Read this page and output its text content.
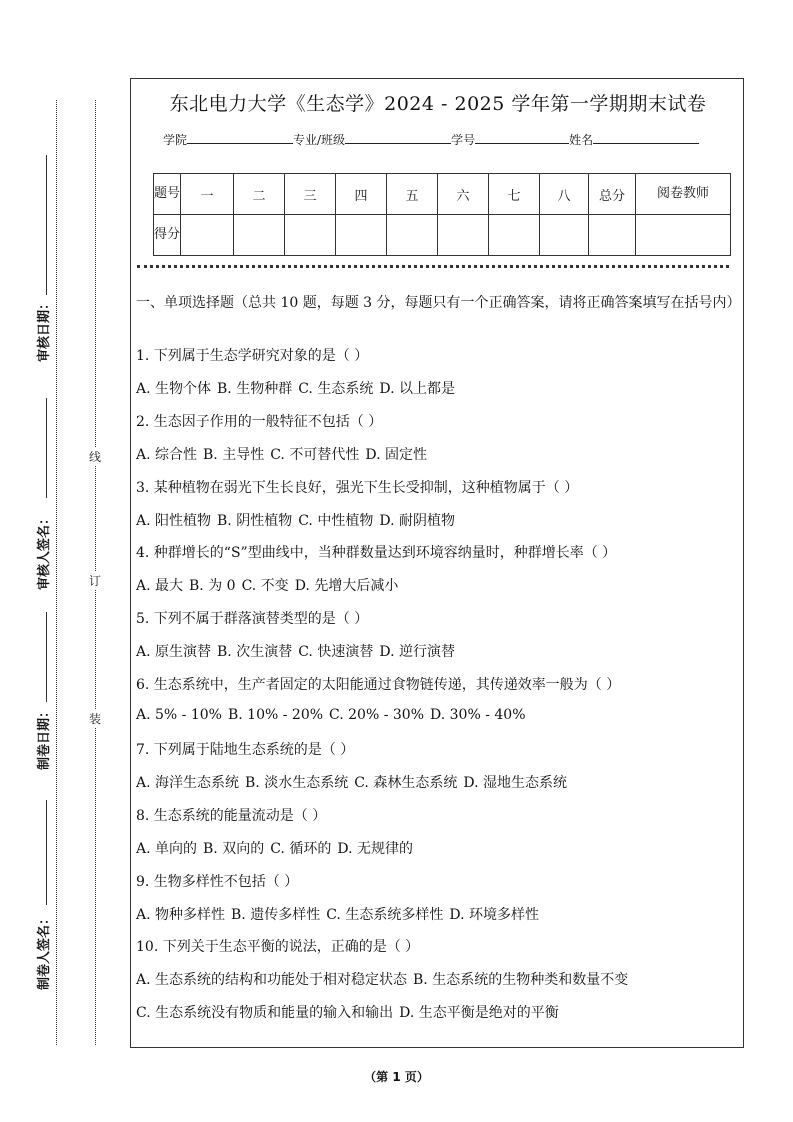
审核日期：
审核人签名：
制卷日期：
制卷人签名：
线
订
装
东北电力大学《生态学》2024 - 2025 学年第一学期期末试卷
学院	专业/班级	学号	姓名
题号	一	二	三	四	五	六	七	八	总分	阅卷教师
得分										
一、单项选择题（总共 10 题，每题 3 分，每题只有一个正确答案，请将正确答案填写在括号内）
1. 下列属于生态学研究对象的是（ ）
A. 生物个体 B. 生物种群 C. 生态系统 D. 以上都是
2. 生态因子作用的一般特征不包括（ ）
A. 综合性 B. 主导性 C. 不可替代性 D. 固定性
3. 某种植物在弱光下生长良好，强光下生长受抑制，这种植物属于（ ）
A. 阳性植物 B. 阴性植物 C. 中性植物 D. 耐阴植物
4. 种群增长的“S”型曲线中，当种群数量达到环境容纳量时，种群增长率（ ）
A. 最大 B. 为 0 C. 不变 D. 先增大后减小
5. 下列不属于群落演替类型的是（ ）
A. 原生演替 B. 次生演替 C. 快速演替 D. 逆行演替
6. 生态系统中，生产者固定的太阳能通过食物链传递，其传递效率一般为（ ）
A. 5% - 10% B. 10% - 20% C. 20% - 30% D. 30% - 40%
7. 下列属于陆地生态系统的是（ ）
A. 海洋生态系统 B. 淡水生态系统 C. 森林生态系统 D. 湿地生态系统
8. 生态系统的能量流动是（ ）
A. 单向的 B. 双向的 C. 循环的 D. 无规律的
9. 生物多样性不包括（ ）
A. 物种多样性 B. 遗传多样性 C. 生态系统多样性 D. 环境多样性
10. 下列关于生态平衡的说法，正确的是（ ）
A. 生态系统的结构和功能处于相对稳定状态 B. 生态系统的生物种类和数量不变
C. 生态系统没有物质和能量的输入和输出 D. 生态平衡是绝对的平衡
（第 1 页）
